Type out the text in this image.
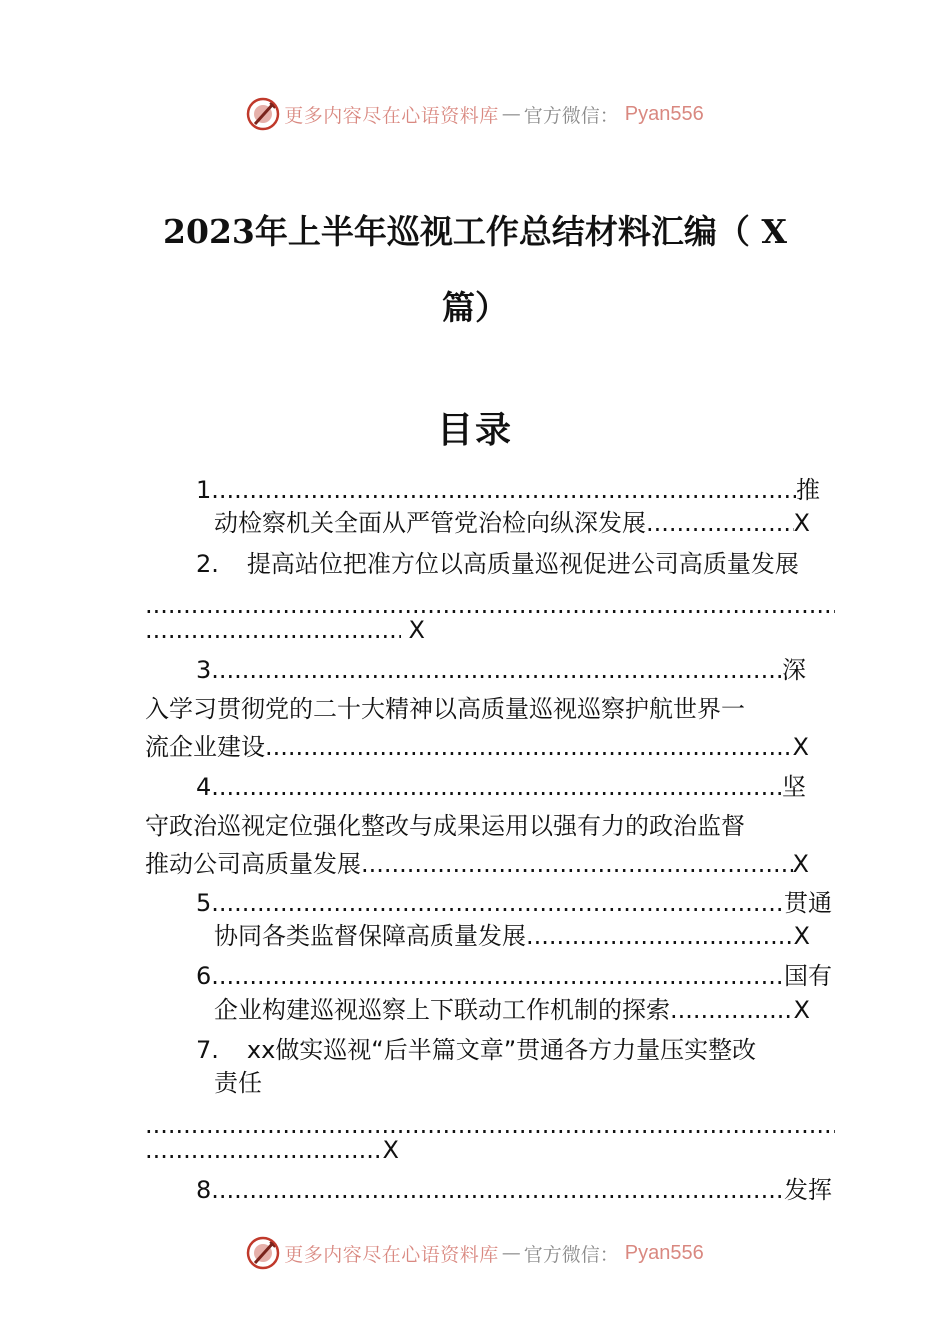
更多内容尽在心语资料库 — 官方微信： Pyan556
2023年上半年巡视工作总结材料汇编（ X
篇）
目录
1 .....	推
动检察机关全面从严管党治检向纵深发展 .....	X
2. 提高站位把准方位以高质量巡视促进公司高质量发展
.....
.....
X
3 .....	深
入学习贯彻党的二十大精神以高质量巡视巡察护航世界一
流企业建设 .....	X
4 .....	坚
守政治巡视定位强化整改与成果运用以强有力的政治监督
推动公司高质量发展 .....	X
5 .....	贯通
协同各类监督保障高质量发展 .....	X
6 .....	国有
企业构建巡视巡察上下联动工作机制的探索 .....	X
7. xx做实巡视“后半篇文章”贯通各方力量压实整改
责任
.....
.....
X
8 .....	发挥
更多内容尽在心语资料库 — 官方微信： Pyan556
